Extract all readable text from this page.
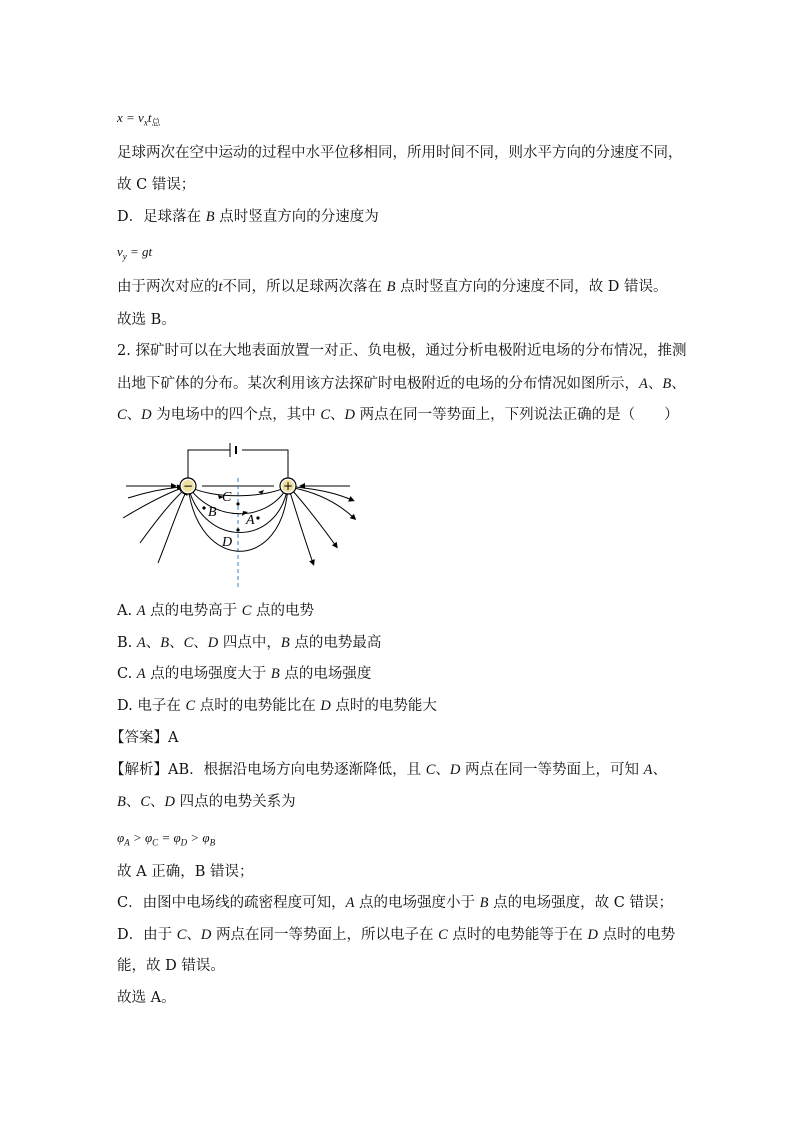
$x = v_xt_总$
足球两次在空中运动的过程中水平位移相同，所用时间不同，则水平方向的分速度不同，
故 C 错误；
D．足球落在 B 点时竖直方向的分速度为
$v_y$ = gt
由于两次对应的t不同，所以足球两次落在 B 点时竖直方向的分速度不同，故 D 错误。
故选 B。
2. 探矿时可以在大地表面放置一对正、负电极，通过分析电极附近电场的分布情况，推测
出地下矿体的分布。某次利用该方法探矿时电极附近的电场的分布情况如图所示，A、B、
C、D 为电场中的四个点，其中 C、D 两点在同一等势面上，下列说法正确的是（　　）
−	+
C
B
A
D
A. A 点的电势高于 C 点的电势
B. A、B、C、D 四点中，B 点的电势最高
C. A 点的电场强度大于 B 点的电场强度
D. 电子在 C 点时的电势能比在 D 点时的电势能大
【答案】A
【解析】AB．根据沿电场方向电势逐渐降低，且 C、D 两点在同一等势面上，可知 A、
B、C、D 四点的电势关系为
$\varphi_A > \varphi_C = \varphi_D > \varphi_B$
故 A 正确，B 错误；
C．由图中电场线的疏密程度可知，A 点的电场强度小于 B 点的电场强度，故 C 错误；
D．由于 C、D 两点在同一等势面上，所以电子在 C 点时的电势能等于在 D 点时的电势
能，故 D 错误。
故选 A。
